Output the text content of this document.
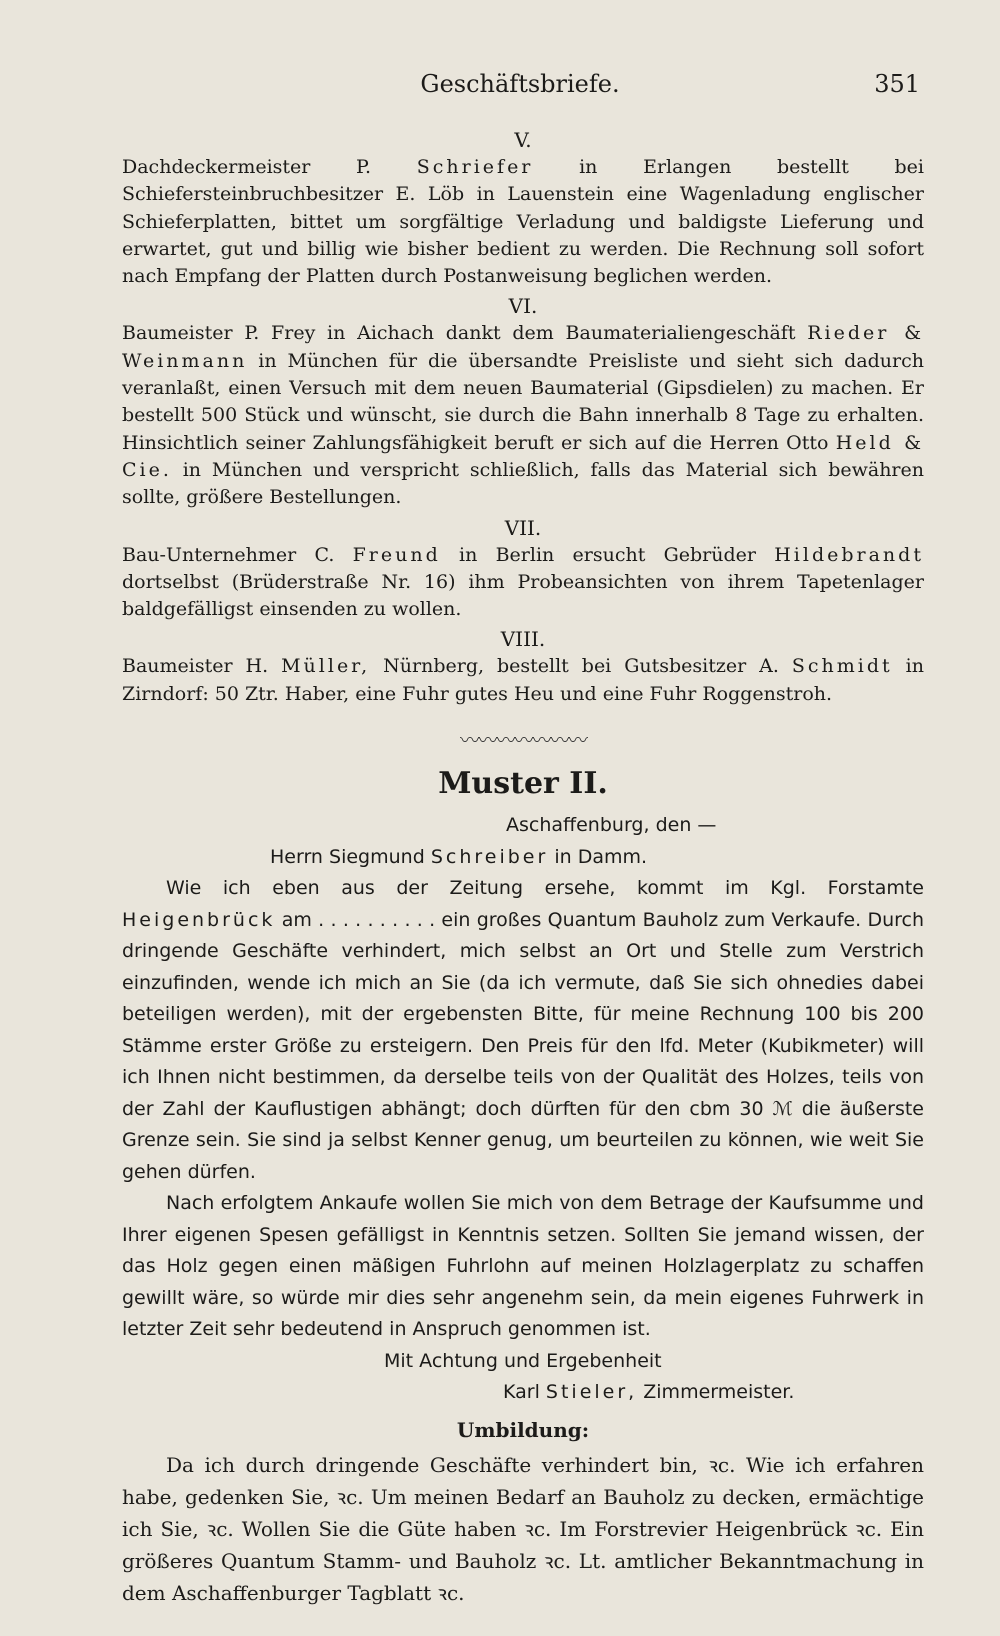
Geschäftsbriefe.	351

V.

Dachdeckermeister P. Schriefer in Erlangen bestellt bei Schiefersteinbruchbesitzer E. Löb in Lauenstein eine Wagenladung englischer Schieferplatten, bittet um sorgfältige Verladung und baldigste Lieferung und erwartet, gut und billig wie bisher bedient zu werden. Die Rechnung soll sofort nach Empfang der Platten durch Postanweisung beglichen werden.

VI.

Baumeister P. Frey in Aichach dankt dem Baumaterialiengeschäft Rieder & Weinmann in München für die übersandte Preisliste und sieht sich dadurch veranlaßt, einen Versuch mit dem neuen Baumaterial (Gipsdielen) zu machen. Er bestellt 500 Stück und wünscht, sie durch die Bahn innerhalb 8 Tage zu erhalten. Hinsichtlich seiner Zahlungsfähigkeit beruft er sich auf die Herren Otto Held & Cie. in München und verspricht schließlich, falls das Material sich bewähren sollte, größere Bestellungen.

VII.

Bau-Unternehmer C. Freund in Berlin ersucht Gebrüder Hildebrandt dortselbst (Brüderstraße Nr. 16) ihm Probeansichten von ihrem Tapetenlager baldgefälligst einsenden zu wollen.

VIII.

Baumeister H. Müller, Nürnberg, bestellt bei Gutsbesitzer A. Schmidt in Zirndorf: 50 Ztr. Haber, eine Fuhr gutes Heu und eine Fuhr Roggenstroh.

〰〰〰〰〰〰〰
Muster II.

Aschaffenburg, den —

Herrn Siegmund Schreiber in Damm.

Wie ich eben aus der Zeitung ersehe, kommt im Kgl. Forstamte Heigenbrück am . . . . . . . . . . ein großes Quantum Bauholz zum Verkaufe. Durch dringende Geschäfte verhindert, mich selbst an Ort und Stelle zum Verstrich einzufinden, wende ich mich an Sie (da ich vermute, daß Sie sich ohnedies dabei beteiligen werden), mit der ergebensten Bitte, für meine Rechnung 100 bis 200 Stämme erster Größe zu ersteigern. Den Preis für den lfd. Meter (Kubikmeter) will ich Ihnen nicht bestimmen, da derselbe teils von der Qualität des Holzes, teils von der Zahl der Kauflustigen abhängt; doch dürften für den cbm 30 ℳ die äußerste Grenze sein. Sie sind ja selbst Kenner genug, um beurteilen zu können, wie weit Sie gehen dürfen.

Nach erfolgtem Ankaufe wollen Sie mich von dem Betrage der Kaufsumme und Ihrer eigenen Spesen gefälligst in Kenntnis setzen. Sollten Sie jemand wissen, der das Holz gegen einen mäßigen Fuhrlohn auf meinen Holzlagerplatz zu schaffen gewillt wäre, so würde mir dies sehr angenehm sein, da mein eigenes Fuhrwerk in letzter Zeit sehr bedeutend in Anspruch genommen ist.

Mit Achtung und Ergebenheit

Karl Stieler, Zimmermeister.

Umbildung:

Da ich durch dringende Geschäfte verhindert bin, ꝛc. Wie ich erfahren habe, gedenken Sie, ꝛc. Um meinen Bedarf an Bauholz zu decken, ermächtige ich Sie, ꝛc. Wollen Sie die Güte haben ꝛc. Im Forstrevier Heigenbrück ꝛc. Ein größeres Quantum Stamm- und Bauholz ꝛc. Lt. amtlicher Bekanntmachung in dem Aschaffenburger Tagblatt ꝛc.
